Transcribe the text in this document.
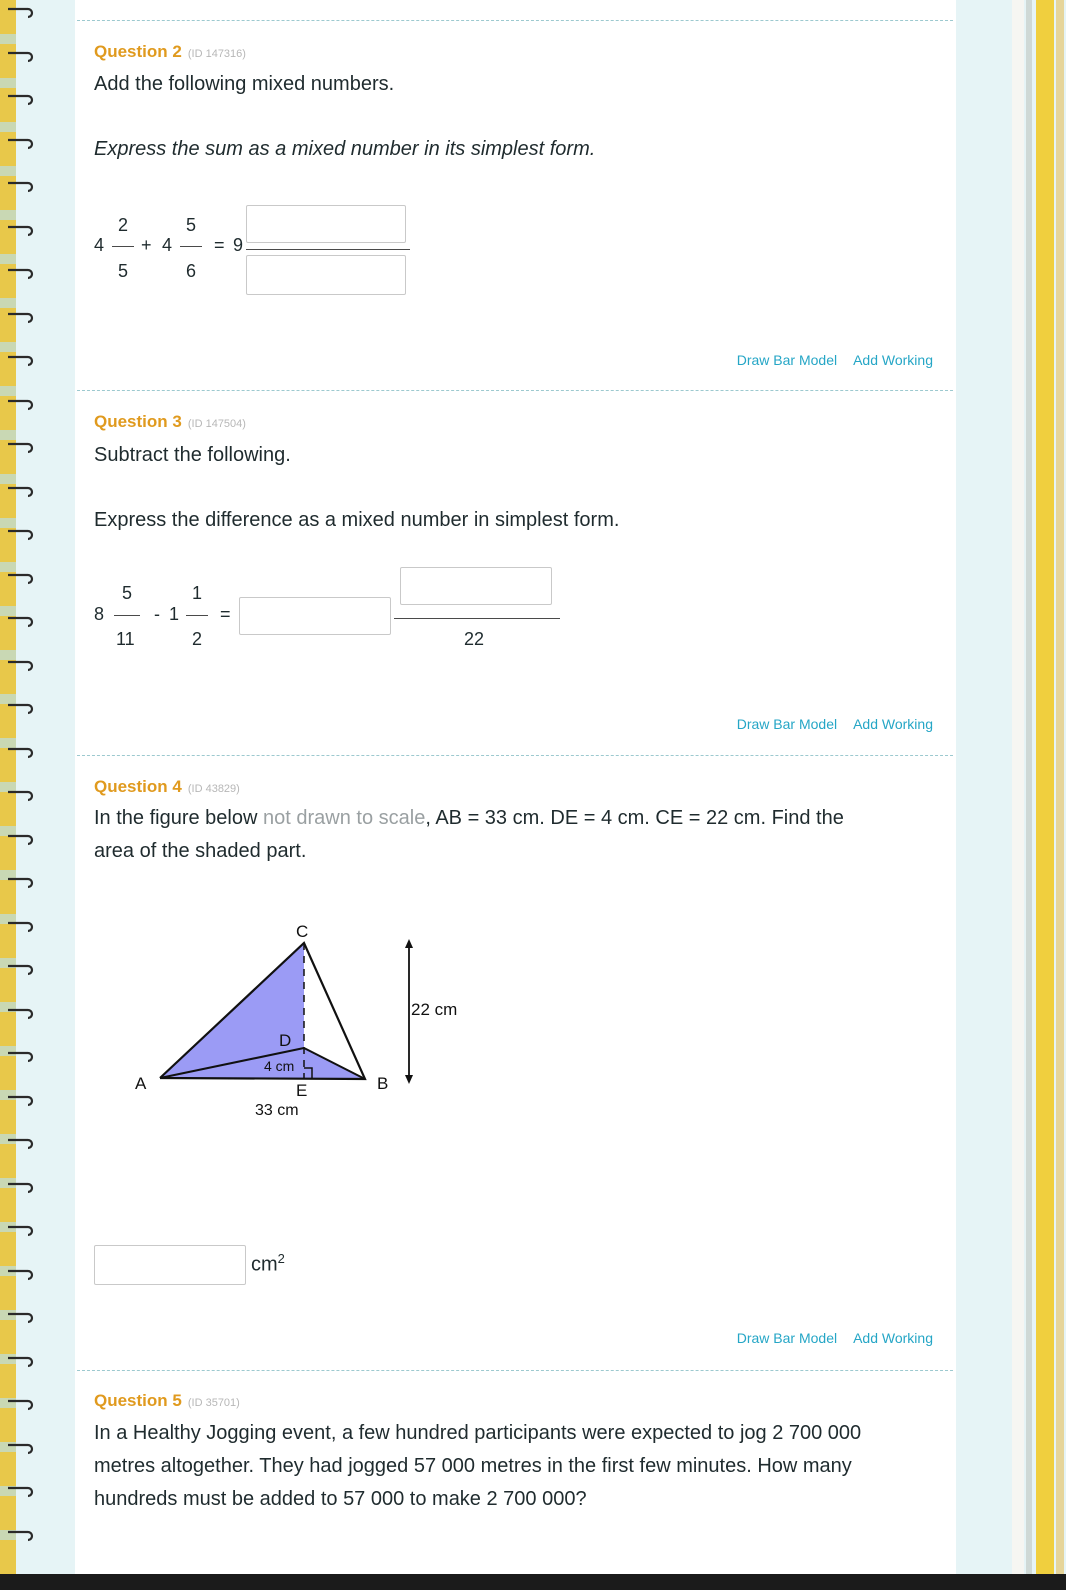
Question 2 (ID 147316)
Add the following mixed numbers.
Express the sum as a mixed number in its simplest form.
4
2
5
+ 4
5
6
= 9
Draw Bar Model Add Working
Question 3 (ID 147504)
Subtract the following.
Express the difference as a mixed number in simplest form.
8
5
11
- 1
1
2
=
22
Draw Bar Model Add Working
Question 4 (ID 43829)
In the figure below not drawn to scale, AB = 33 cm. DE = 4 cm. CE = 22 cm. Find the
area of the shaded part.
C
D
4 cm
A	E	B
33 cm
22 cm
$cm^2$
Draw Bar Model Add Working
Question 5 (ID 35701)
In a Healthy Jogging event, a few hundred participants were expected to jog 2 700 000
metres altogether. They had jogged 57 000 metres in the first few minutes. How many
hundreds must be added to 57 000 to make 2 700 000?
